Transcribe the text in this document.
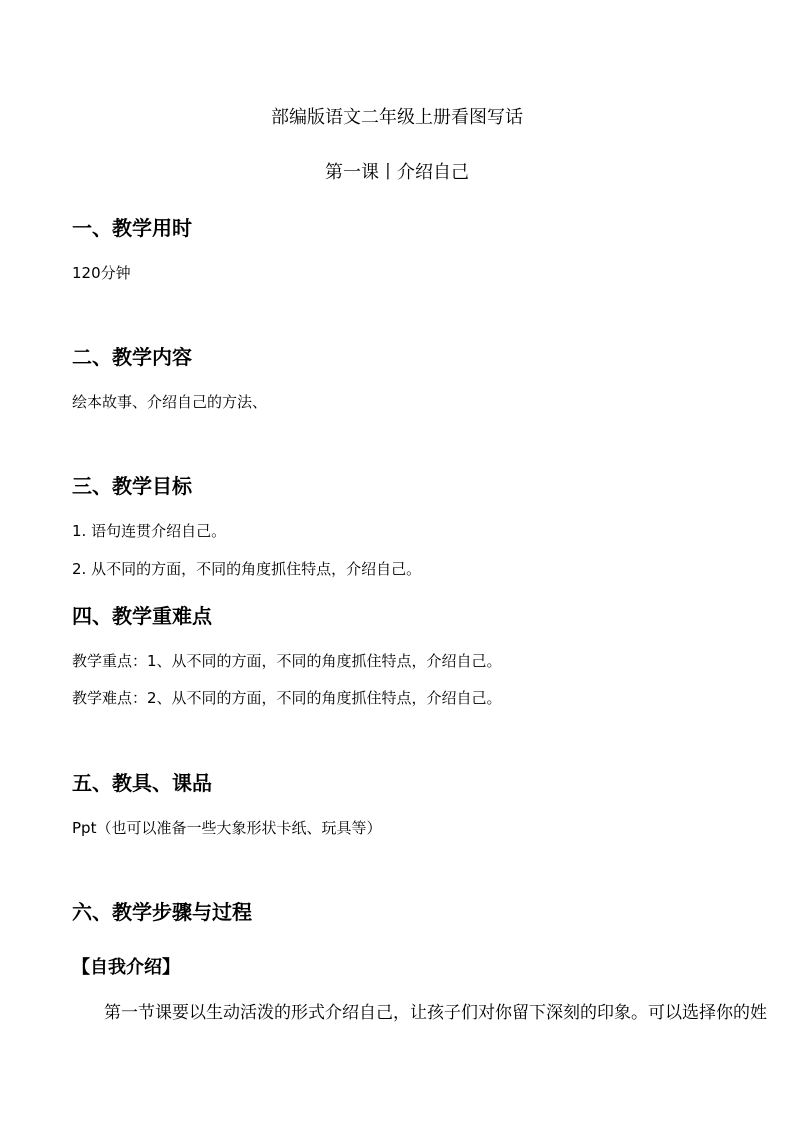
部编版语文二年级上册看图写话
第一课丨介绍自己
一、教学用时
120分钟
二、教学内容
绘本故事、介绍自己的方法、
三、教学目标
1. 语句连贯介绍自己。
2. 从不同的方面，不同的角度抓住特点，介绍自己。
四、教学重难点
教学重点：1、从不同的方面，不同的角度抓住特点，介绍自己。
教学难点：2、从不同的方面，不同的角度抓住特点，介绍自己。
五、教具、课品
Ppt（也可以准备一些大象形状卡纸、玩具等）
六、教学步骤与过程
【自我介绍】
第一节课要以生动活泼的形式介绍自己，让孩子们对你留下深刻的印象。可以选择你的姓
